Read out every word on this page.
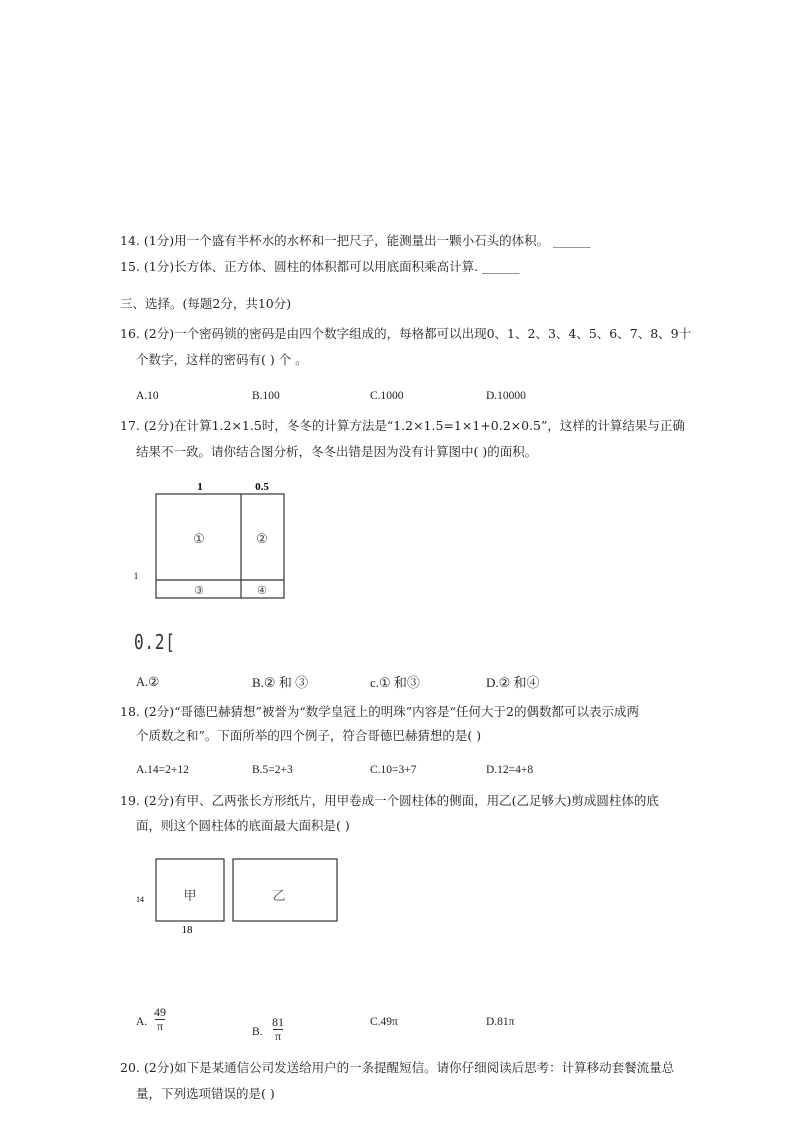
14. (1分)用一个盛有半杯水的水杯和一把尺子，能测量出一颗小石头的体积。 ______
15. (1分)长方体、正方体、圆柱的体积都可以用底面积乘高计算. ______
三、选择。(每题2分，共10分)
16. (2分)一个密码锁的密码是由四个数字组成的，每格都可以出现0、1、2、3、4、5、6、7、8、9十
个数字，这样的密码有( ) 个 。
A.10	B.100	C.1000	D.10000
17. (2分)在计算1.2×1.5时，冬冬的计算方法是“1.2×1.5=1×1+0.2×0.5”，这样的计算结果与正确
结果不一致。请你结合图分析，冬冬出错是因为没有计算图中( )的面积。
1	0.5
1
①	②
③	④
0.2[
A.②	B.② 和 ③	c.① 和③	D.② 和④
18. (2分)“哥德巴赫猜想”被誉为“数学皇冠上的明珠”内容是“任何大于2的偶数都可以表示成两
个质数之和”。下面所举的四个例子，符合哥德巴赫猜想的是( )
A.14=2+12	B.5=2+3	C.10=3+7	D.12=4+8
19. (2分)有甲、乙两张长方形纸片，用甲卷成一个圆柱体的侧面，用乙(乙足够大)剪成圆柱体的底
面，则这个圆柱体的底面最大面积是( )
14	甲	乙
18
A.
49
π	B.
81
π
C.49π	D.81π
20. (2分)如下是某通信公司发送给用户的一条提醒短信。请你仔细阅读后思考：计算移动套餐流量总
量，下列选项错误的是( )
